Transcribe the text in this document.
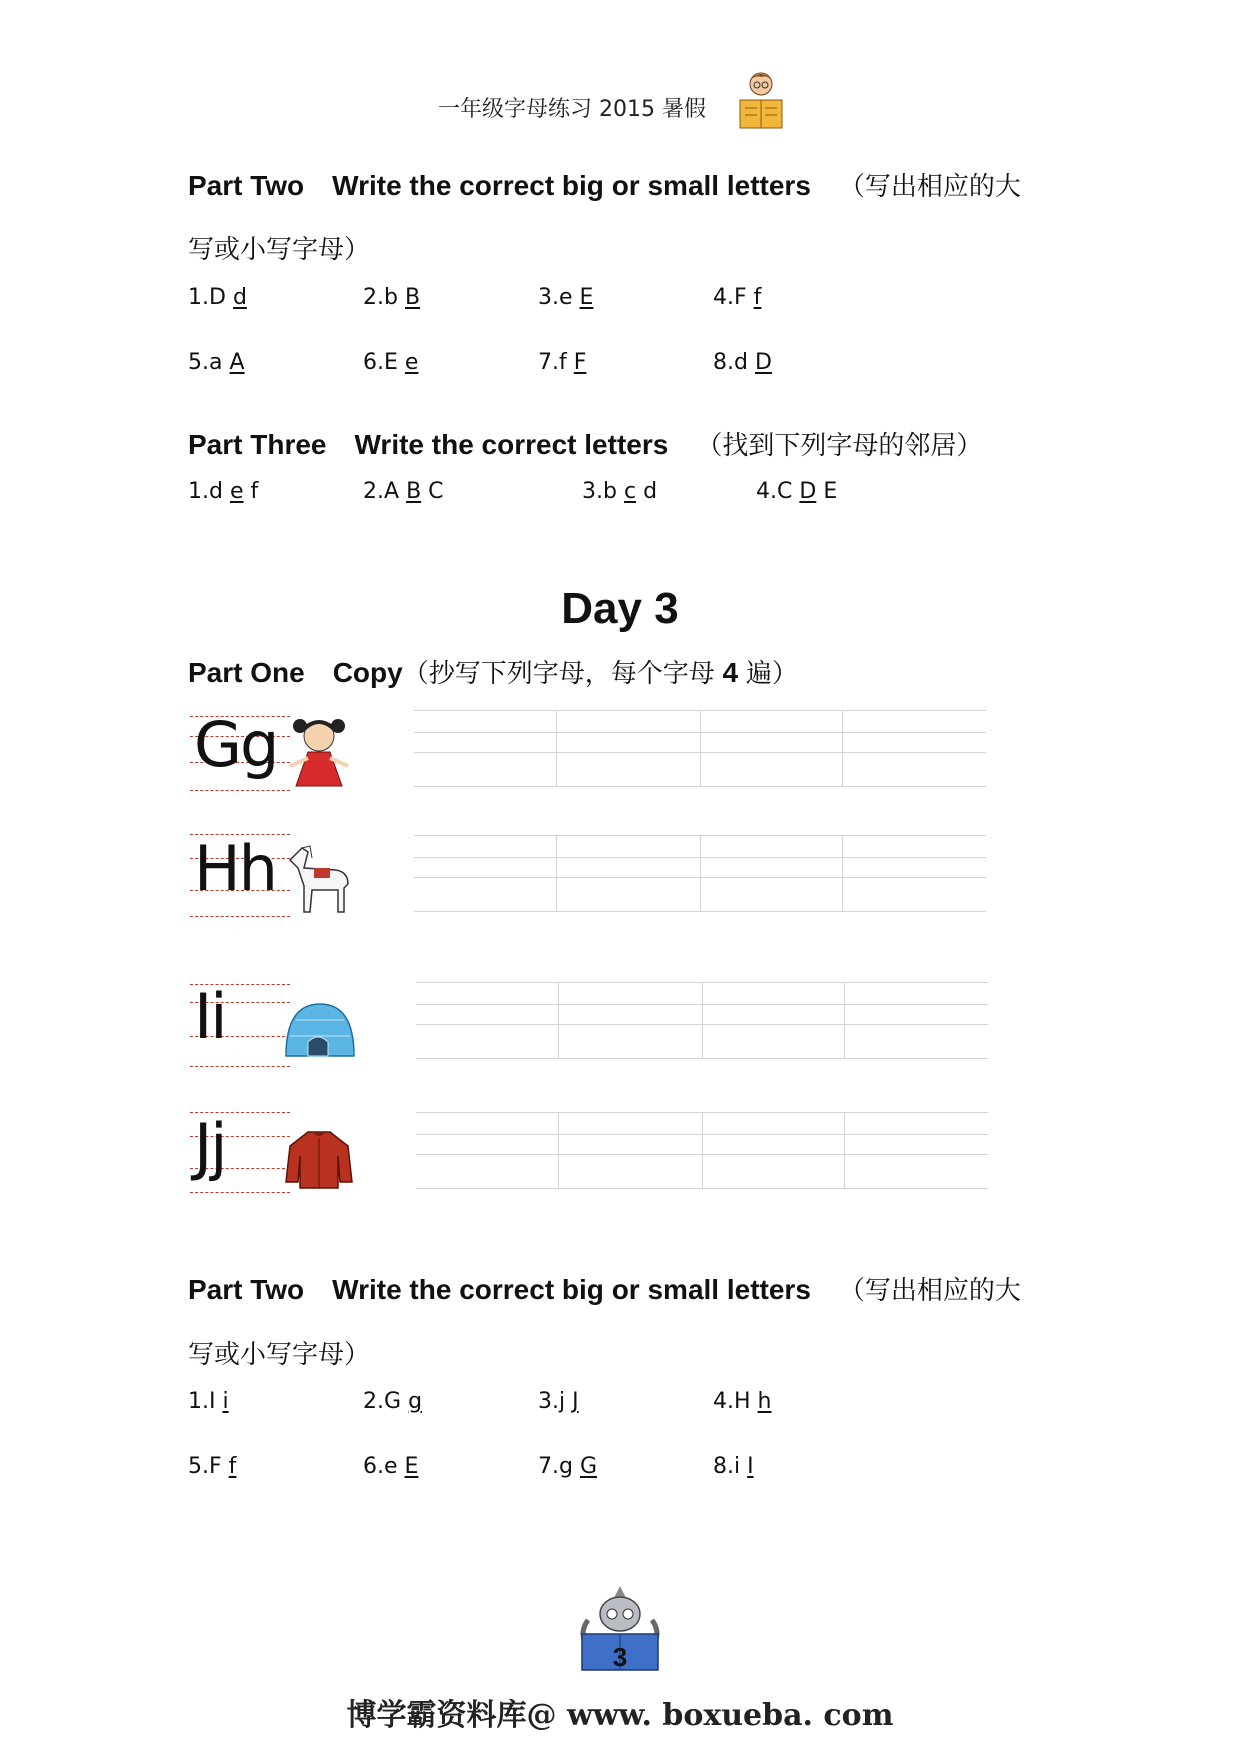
一年级字母练习 2015 暑假
Part Two Write the correct big or small letters （写出相应的大
写或小写字母）
1.D d	2.b B	3.e E	4.F f
5.a A	6.E e	7.f F	8.d D
Part Three Write the correct letters （找到下列字母的邻居）
1.d e f	2.A B C	3.b c d	4.C D E
Day 3
Part One Copy（抄写下列字母，每个字母 4 遍）
Gg
Hh
Ii
Jj
Part Two Write the correct big or small letters （写出相应的大
写或小写字母）
1.I i	2.G g	3.j J	4.H h
5.F f	6.e E	7.g G	8.i I
3
博学霸资料库@ www. boxueba. com
